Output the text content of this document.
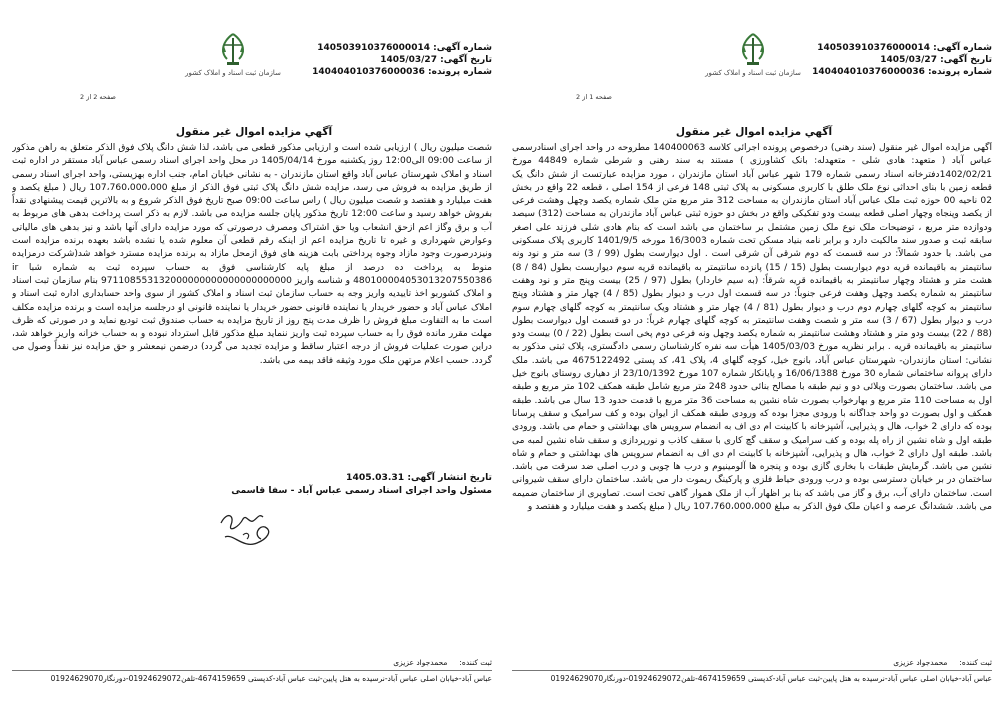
سازمان ثبت اسناد و املاک کشور
شماره آگهی: 140503910376000014
تاریخ آگهی: 1405/03/27
شماره پرونده: 140404010376000036
صفحه 1 از 2
آگهي مزايده اموال غير منقول

آگهی مزایده اموال غیر منقول (سند رهنی) درخصوص پرونده اجرائی کلاسه 140400063 مطروحه در واحد اجرای اسنادرسمی عباس آباد ( متعهد: هادی شلی - متعهدله: بانک کشاورزی ) مستند به سند رهنی و شرطی شماره 44849 مورخ 1402/02/21دفترخانه اسناد رسمی شماره 179 شهر عباس آباد استان مازندران ، مورد مزایده عبارتست از شش دانگ یک قطعه زمین با بنای احداثی نوع ملک طلق با کاربری مسکونی به پلاک ثبتی 148 فرعی از 154 اصلی ، قطعه 22 واقع در بخش 02 ناحیه 00 حوزه ثبت ملک عباس آباد استان مازندران به مساحت 312 متر مربع متن ملک شماره یکصد وچهل وهشت فرعی از یکصد وپنجاه وچهار اصلی قطعه بیست ودو تفکیکی واقع در بخش دو حوزه ثبتی عباس آباد مازندران به مساحت (312) سیصد ودوازده متر مربع ، توضیحات ملک نوع ملک زمین مشتمل بر ساختمان می باشد است که بنام هادی شلی فرزند علی اصغر سابقه ثبت و صدور سند مالکیت دارد و برابر نامه بنیاد مسکن تحت شماره 16/3003 مورخه 1401/9/5 کاربری پلاک مسکونی می باشد. با حدود شمالاً: در سه قسمت که دوم شرقی آن شرقی است . اول دیوارست بطول (99 / 3) سه متر و نود ونه سانتیمتر به باقیمانده قریه دوم دیواربست بطول (15 / 15) پانزده سانتیمتر به باقیمانده قریه سوم دیواربست بطول (84 / 8) هشت متر و هشتاد وچهار سانتیمتر به باقیمانده قریه شرقاً: (به سیم خاردار) بطول (97 / 25) بیست وپنج متر و نود وهفت سانتیمتر به شماره یکصد وچهل وهفت فرعی جنوباً: در سه قسمت اول درب و دیوار بطول (85 / 4) چهار متر و هشتاد وپنج سانتیمتر به کوچه گلهای چهارم دوم درب و دیوار بطول (81 / 4) چهار متر و هشتاد ویک سانتیمتر به کوچه گلهای چهارم سوم درب و دیوار بطول (67 / 3) سه متر و شصت وهفت سانتیمتر به کوچه گلهای چهارم غرباً: در دو قسمت اول دیوارست بطول (88 / 22) بیست ودو متر و هشتاد وهشت سانتیمتر به شماره یکصد وچهل ونه فرعی دوم پخی است بطول (22 / 0) بیست ودو سانتیمتر به باقیمانده قریه . برابر نظریه مورخ 1405/03/03 هیأت سه نفره کارشناسان رسمی دادگستری، پلاک ثبتی مذکور به نشانی: استان مازندران- شهرستان عباس آباد، بانوج خیل، کوچه گلهای 4، پلاک 41، کد پستی 4675122492 می باشد. ملک دارای پروانه ساختمانی شماره 30 مورخ 16/06/1388 و پایانکار شماره 107 مورخ 23/10/1392 از دهیاری روستای بانوج خیل می باشد. ساختمان بصورت ویلائی دو و نیم طبقه با مصالح بنائی حدود 248 متر مربع شامل طبقه همکف 102 متر مربع و طبقه اول به مساحت 110 متر مربع و بهارخواب بصورت شاه نشین به مساحت 36 متر مربع با قدمت حدود 13 سال می باشد. طبقه همکف و اول بصورت دو واحد جداگانه با ورودی مجزا بوده که ورودی طبقه همکف از ایوان بوده و کف سرامیک و سقف پرسانا بوده که دارای 2 خواب، هال و پذیرایی، آشپزخانه با کابینت ام دی اف به انضمام سرویس های بهداشتی و حمام می باشد. ورودی طبقه اول و شاه نشین از راه پله بوده و کف سرامیک و سقف گچ کاری با سقف کاذب و نورپردازی و سقف شاه نشین لمبه می باشد. طبقه اول دارای 2 خواب، هال و پذیرایی، آشپزخانه با کابینت ام دی اف به انضمام سرویس های بهداشتی و حمام و شاه نشین می باشد. گرمایش طبقات با بخاری گازی بوده و پنجره ها آلومینیوم و درب ها چوبی و درب اصلی ضد سرقت می باشد. ساختمان در بر خیابان دسترسی بوده و درب ورودی حیاط فلزی و پارکینگ ریموت دار می باشد. ساختمان دارای سقف شیروانی است. ساختمان دارای آب، برق و گاز می باشد که بنا بر اظهار آب از ملک هموار گاهی تحت است. تصاویری از ساختمان ضمیمه می باشد. ششدانگ عرصه و اعیان ملک فوق الذکر به مبلغ 107،760،000،000 ریال ( مبلغ یکصد و هفت میلیارد و هفتصد و

ثبت کننده:
محمدجواد عزیزی
عباس آباد-خیابان اصلی عباس آباد-نرسیده به هتل پایین-ثبت عباس آباد-کدپستی 4674159659-تلفن01924629072-دورنگار01924629070
سازمان ثبت اسناد و املاک کشور
شماره آگهی: 140503910376000014
تاریخ آگهی: 1405/03/27
شماره پرونده: 140404010376000036
صفحه 2 از 2
آگهي مزايده اموال غير منقول

شصت میلیون ریال ) ارزیابی شده است و ارزیابی مذکور قطعی می باشد، لذا شش دانگ پلاک فوق الذکر متعلق به راهن مذکور از ساعت 09:00 الی12:00 روز یکشنبه مورخ 1405/04/14 در محل واحد اجرای اسناد رسمی عباس آباد مستقر در اداره ثبت اسناد و املاک شهرستان عباس آباد واقع استان مازندران - به نشانی خیابان امام، جنب اداره بهزیستی، واحد اجرای اسناد رسمی از طریق مزایده به فروش می رسد، مزایده شش دانگ پلاک ثبتی فوق الذکر از مبلغ 107،760،000،000 ریال ( مبلغ یکصد و هفت میلیارد و هفتصد و شصت میلیون ریال ) راس ساعت 09:00 صبح تاریخ فوق الذکر شروع و به بالاترین قیمت پیشنهادی نقداً بفروش خواهد رسید و ساعت 12:00 تاریخ مذکور پایان جلسه مزایده می باشد. لازم به ذکر است پرداخت بدهی های مربوط به آب و برق وگاز اعم ازحق انشعاب ویا حق اشتراک ومصرف درصورتی که مورد مزایده دارای آنها باشد و نیز بدهی های مالیاتی وعوارض شهرداری و غیره تا تاریخ مزایده اعم از اینکه رقم قطعی آن معلوم شده یا نشده باشد بعهده برنده مزایده است ونیزدرصورت وجود مازاد وجوه پرداختی بابت هزینه های فوق ازمحل مازاد به برنده مزایده مسترد خواهد شد(شرکت درمزایده منوط به پرداخت ده درصد از مبلغ پایه کارشناسی فوق به حساب سپرده ثبت به شماره شبا ir 480100004053013207550386 و شناسه واریز 971108553132000000000000000000000 بنام سازمان ثبت اسناد و املاک کشوربو اخذ تاییدیه واریز وجه به حساب سازمان ثبت اسناد و املاک کشور از سوی واحد حسابداری اداره ثبت اسناد و املاک عباس آباد و حضور خریدار یا نماینده قانونی حضور خریدار یا نماینده قانونی او درجلسه مزایده است و برنده مزایده مکلف است ما به التفاوت مبلغ فروش را ظرف مدت پنج روز از تاریخ مزایده به حساب صندوق ثبت تودیع نماید و در صورتی که ظرف مهلت مقرر مانده فوق را به حساب سپرده ثبت واریز ننماید مبلغ مذکور قابل استرداد نبوده و به حساب خزانه واریز خواهد شد، دراین صورت عملیات فروش از درجه اعتبار ساقط و مزایده تجدید می گردد) درضمن نیمعشر و حق مزایده نیز نقداً وصول می گردد. حسب اعلام مرتهن ملک مورد وثیقه فاقد بیمه می باشد.

تاریخ انتشار آگهی: 1405.03.31
مسئول واحد اجرای اسناد رسمی عباس آباد - سفا قاسمی
ثبت کننده:
محمدجواد عزیزی
عباس آباد-خیابان اصلی عباس آباد-نرسیده به هتل پایین-ثبت عباس آباد-کدپستی 4674159659-تلفن01924629072-دورنگار01924629070
